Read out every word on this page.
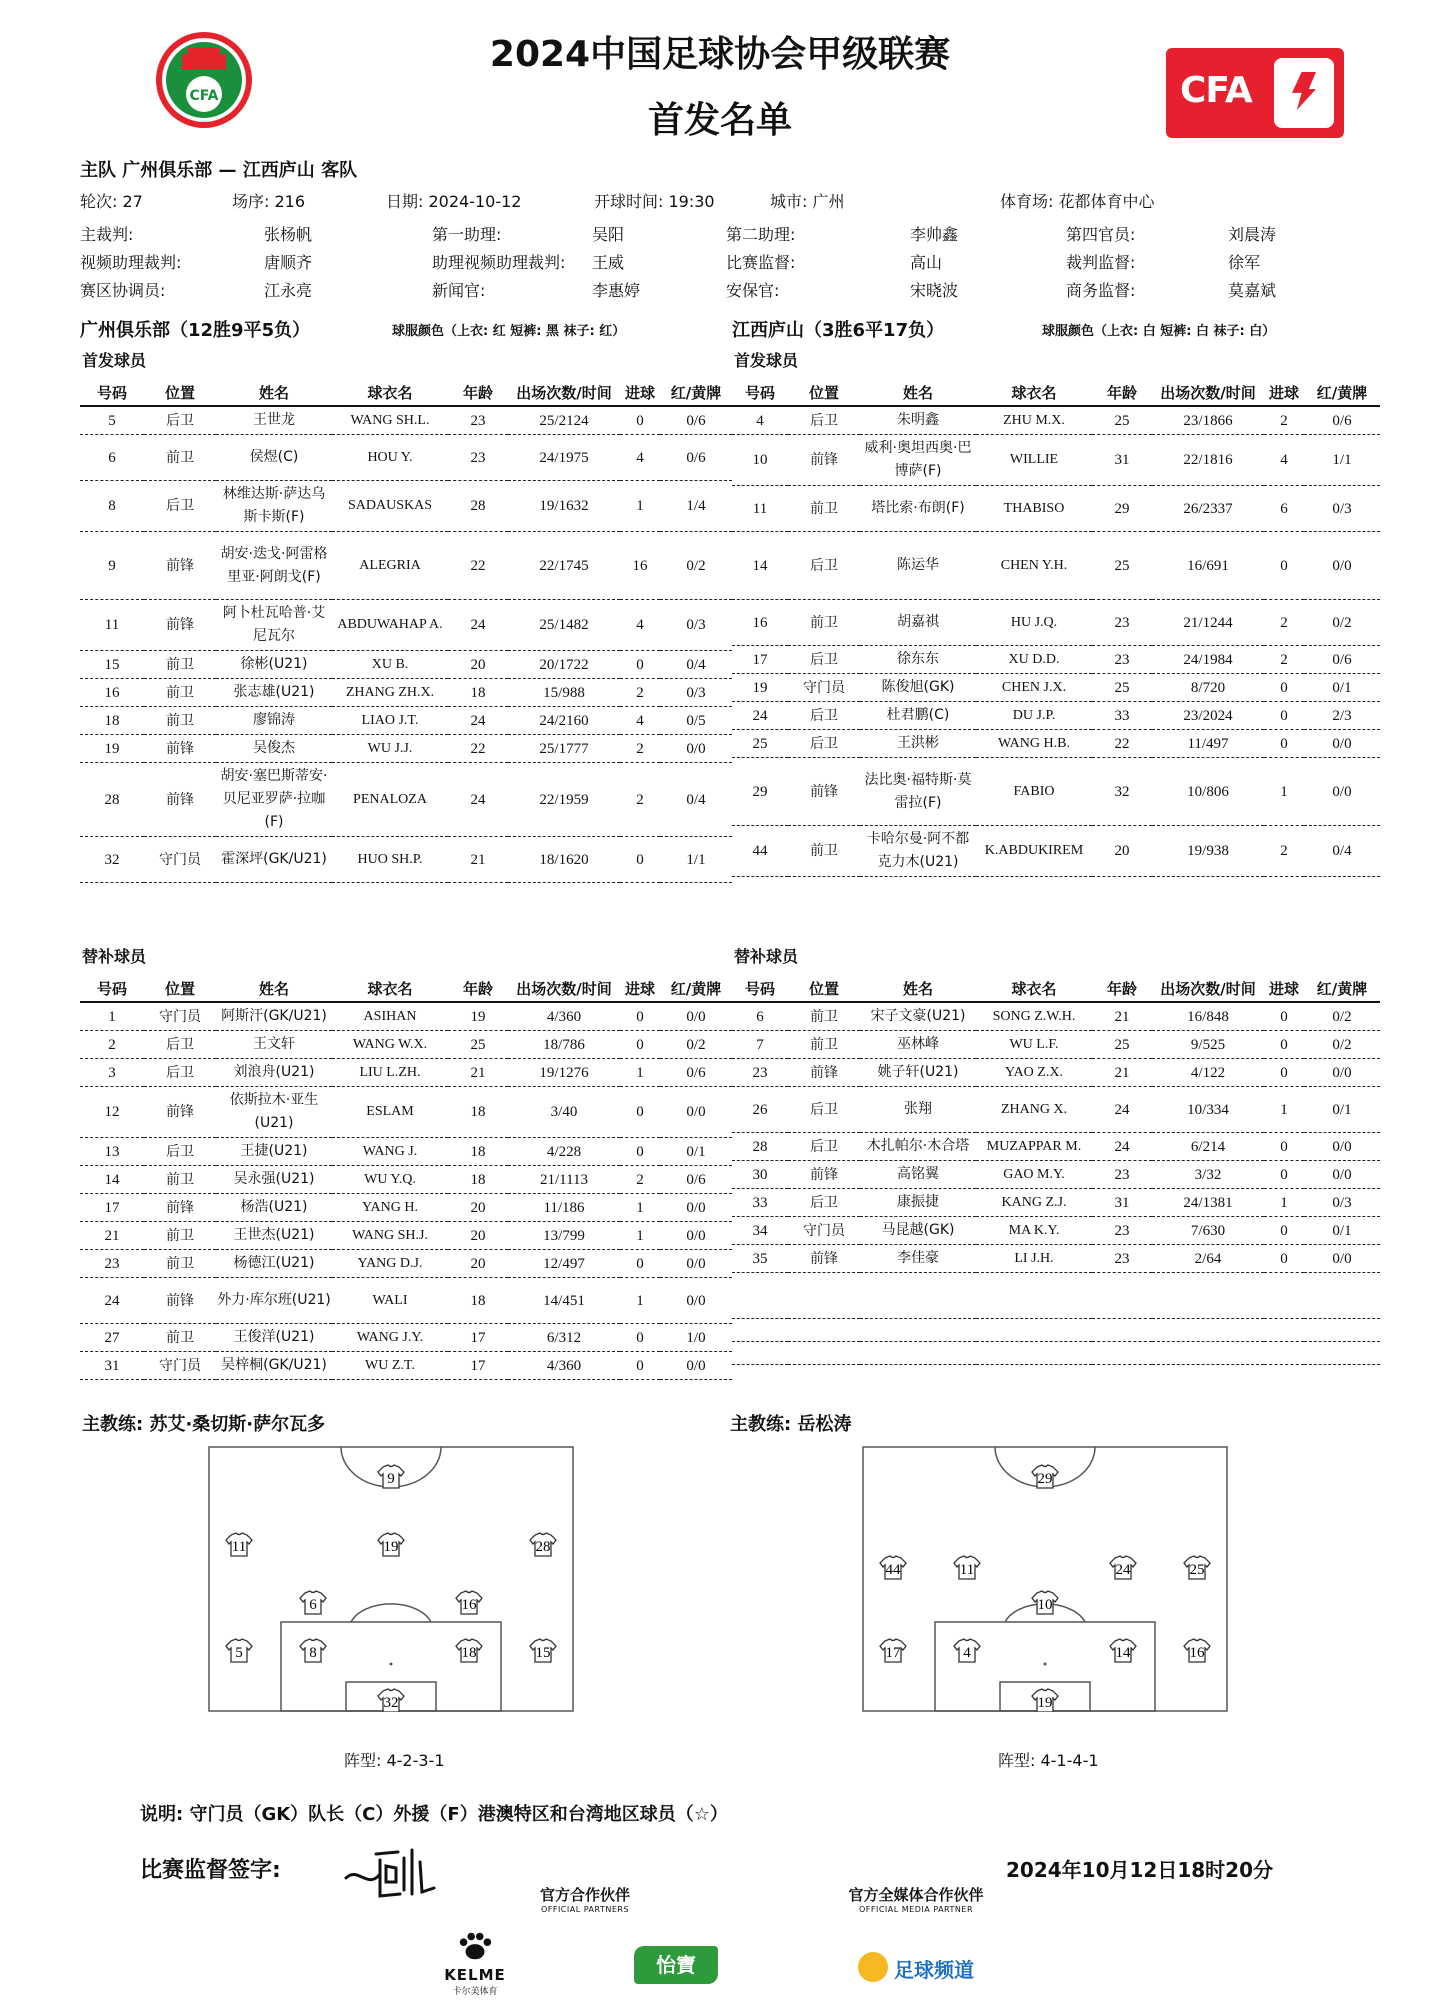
2024中国足球协会甲级联赛
首发名单
CFA	CFA
主队 广州俱乐部 — 江西庐山 客队
轮次: 27	场序: 216	日期: 2024-10-12	开球时间: 19:30	城市: 广州	体育场: 花都体育中心
主裁判:	张杨帆	第一助理:	吴阳	第二助理:	李帅鑫	第四官员:	刘晨涛
视频助理裁判:	唐顺齐	助理视频助理裁判: 王威	比赛监督:	高山	裁判监督:	徐军
赛区协调员:	江永亮	新闻官:	李惠婷	安保官:	宋晓波	商务监督:	莫嘉斌
广州俱乐部（12胜9平5负）	球服颜色（上衣: 红 短裤: 黑 袜子: 红）	江西庐山（3胜6平17负）	球服颜色（上衣: 白 短裤: 白 袜子: 白）
首发球员	首发球员
号码	位置	姓名	球衣名	年龄	出场次数/时间	进球	红/黄牌
5	后卫	王世龙	WANG SH.L.	23	25/2124	0	0/6
6	前卫	侯煜(C)	HOU Y.	23	24/1975	4	0/6
8	后卫	林维达斯·萨达乌斯卡斯(F)	SADAUSKAS	28	19/1632	1	1/4
9	前锋	胡安·迭戈·阿雷格里亚·阿朗戈(F)	ALEGRIA	22	22/1745	16	0/2
11	前锋	阿卜杜瓦哈普·艾尼瓦尔	ABDUWAHAP A.	24	25/1482	4	0/3
15	前卫	徐彬(U21)	XU B.	20	20/1722	0	0/4
16	前卫	张志雄(U21)	ZHANG ZH.X.	18	15/988	2	0/3
18	前卫	廖锦涛	LIAO J.T.	24	24/2160	4	0/5
19	前锋	吴俊杰	WU J.J.	22	25/1777	2	0/0
28	前锋	胡安·塞巴斯蒂安·贝尼亚罗萨·拉咖(F)	PENALOZA	24	22/1959	2	0/4
32	守门员	霍深坪(GK/U21)	HUO SH.P.	21	18/1620	0	1/1
号码	位置	姓名	球衣名	年龄	出场次数/时间	进球	红/黄牌
4	后卫	朱明鑫	ZHU M.X.	25	23/1866	2	0/6
10	前锋	威利·奥坦西奥·巴博萨(F)	WILLIE	31	22/1816	4	1/1
11	前卫	塔比索·布朗(F)	THABISO	29	26/2337	6	0/3
14	后卫	陈运华	CHEN Y.H.	25	16/691	0	0/0
16	前卫	胡嘉祺	HU J.Q.	23	21/1244	2	0/2
17	后卫	徐东东	XU D.D.	23	24/1984	2	0/6
19	守门员	陈俊旭(GK)	CHEN J.X.	25	8/720	0	0/1
24	后卫	杜君鹏(C)	DU J.P.	33	23/2024	0	2/3
25	后卫	王洪彬	WANG H.B.	22	11/497	0	0/0
29	前锋	法比奥·福特斯·莫雷拉(F)	FABIO	32	10/806	1	0/0
44	前卫	卡哈尔曼·阿不都克力木(U21)	K.ABDUKIREM	20	19/938	2	0/4
替补球员	替补球员
号码	位置	姓名	球衣名	年龄	出场次数/时间	进球	红/黄牌
1	守门员	阿斯汗(GK/U21)	ASIHAN	19	4/360	0	0/0
2	后卫	王文轩	WANG W.X.	25	18/786	0	0/2
3	后卫	刘浪舟(U21)	LIU L.ZH.	21	19/1276	1	0/6
12	前锋	依斯拉木·亚生(U21)	ESLAM	18	3/40	0	0/0
13	后卫	王捷(U21)	WANG J.	18	4/228	0	0/1
14	前卫	吴永强(U21)	WU Y.Q.	18	21/1113	2	0/6
17	前锋	杨浩(U21)	YANG H.	20	11/186	1	0/0
21	前卫	王世杰(U21)	WANG SH.J.	20	13/799	1	0/0
23	前卫	杨德江(U21)	YANG D.J.	20	12/497	0	0/0
24	前锋	外力·库尔班(U21)	WALI	18	14/451	1	0/0
27	前卫	王俊洋(U21)	WANG J.Y.	17	6/312	0	1/0
31	守门员	吴梓桐(GK/U21)	WU Z.T.	17	4/360	0	0/0
号码	位置	姓名	球衣名	年龄	出场次数/时间	进球	红/黄牌
6	前卫	宋子文豪(U21)	SONG Z.W.H.	21	16/848	0	0/2
7	前卫	巫林峰	WU L.F.	25	9/525	0	0/2
23	前锋	姚子轩(U21)	YAO Z.X.	21	4/122	0	0/0
26	后卫	张翔	ZHANG X.	24	10/334	1	0/1
28	后卫	木扎帕尔·木合塔	MUZAPPAR M.	24	6/214	0	0/0
30	前锋	高铭翼	GAO M.Y.	23	3/32	0	0/0
33	后卫	康振捷	KANG Z.J.	31	24/1381	1	0/3
34	守门员	马昆越(GK)	MA K.Y.	23	7/630	0	0/1
35	前锋	李佳豪	LI J.H.	23	2/64	0	0/0

主教练: 苏艾·桑切斯·萨尔瓦多	主教练: 岳松涛
9
11	19	28
6	16
5	8	18	15
32
29
44	11	24	25
10
17	4	14	16
19
阵型: 4-2-3-1	阵型: 4-1-4-1
说明: 守门员（GK）队长（C）外援（F）港澳特区和台湾地区球员（☆）
比赛监督签字:	2024年10月12日18时20分
官方合作伙伴
OFFICIAL PARTNERS
官方全媒体合作伙伴
OFFICIAL MEDIA PARTNER
KELME
卡尔美体育
怡寶	足球频道
